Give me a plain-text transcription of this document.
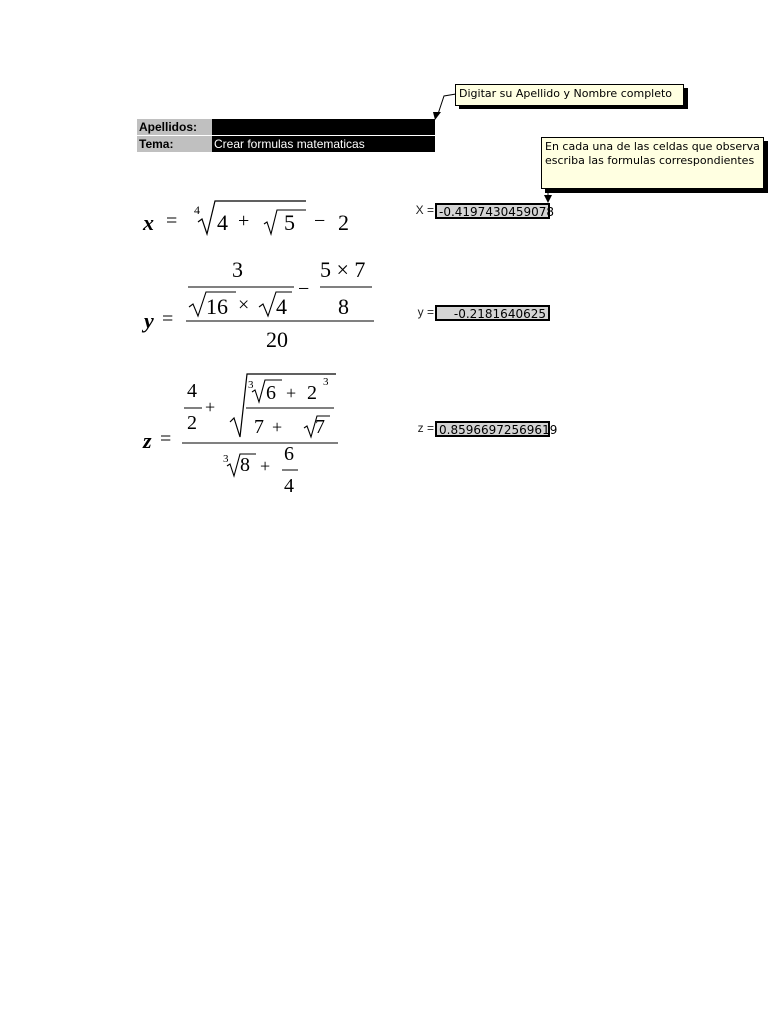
Apellidos:
Tema:	Crear formulas matematicas
Digitar su Apellido y Nombre completo
En cada una de las celdas que observa escriba las formulas correspondientes
x = 4 4 + 5 − 2
y =
3
16 × 4
−
5 × 7
8
20
z =
4
2
+
3 6 + 2 3
7 + 7
3 8 +
6
4
X = -0.4197430459078
y =	-0.2181640625
z = 0.85966972569619
